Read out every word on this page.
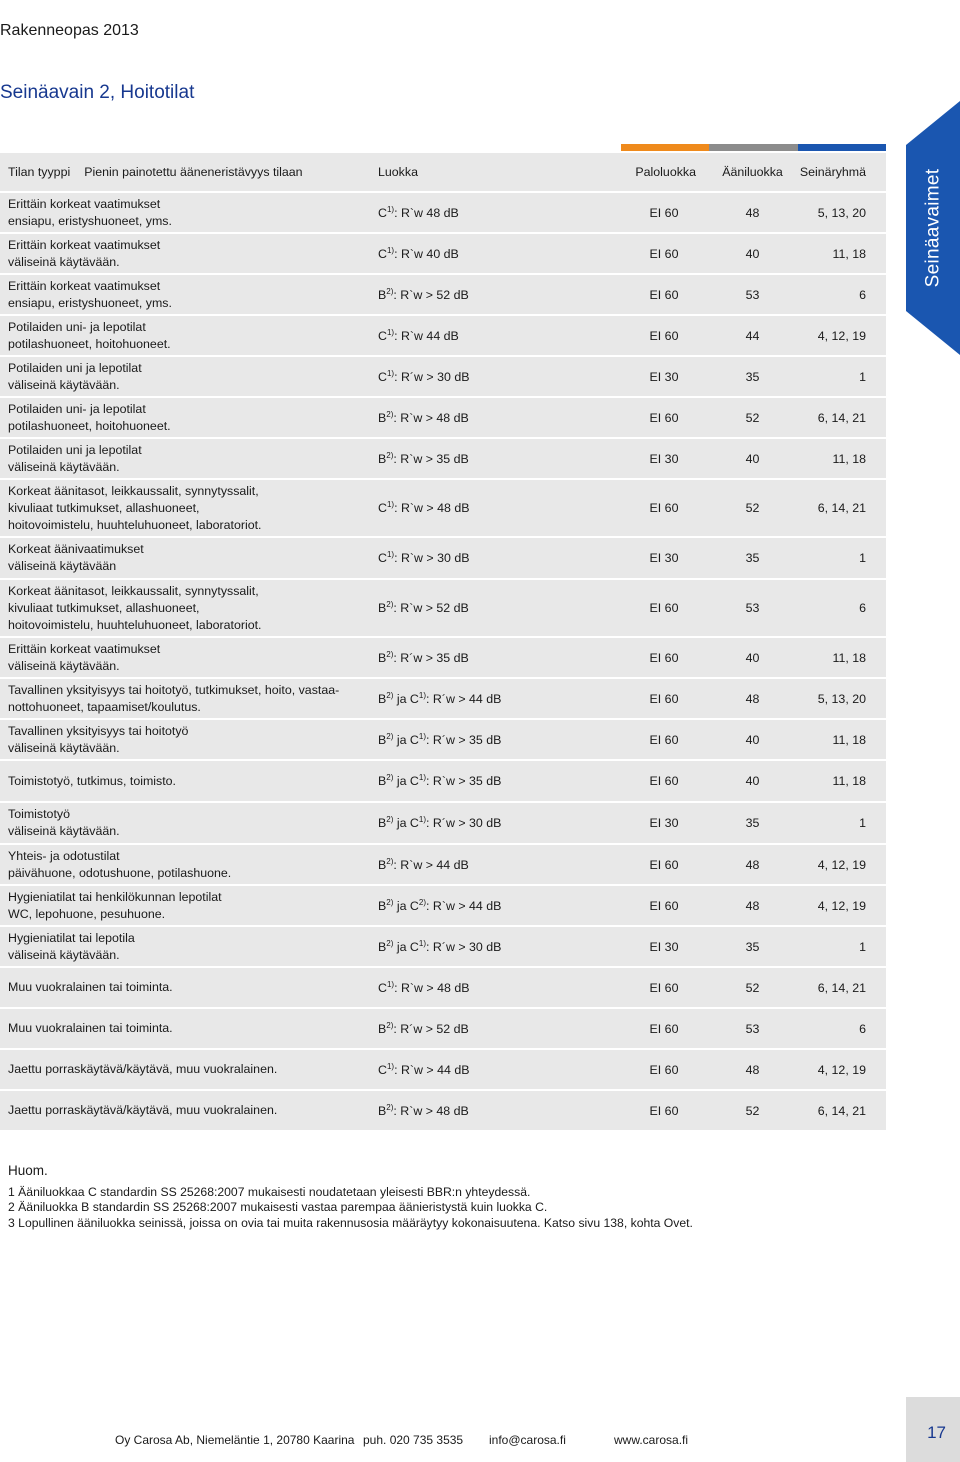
Rakenneopas 2013
Seinäavain 2, Hoitotilat
Seinäavaimet
Tilan tyyppi Pienin painotettu ääneneristävyys tilaan	Luokka	Paloluokka	Ääniluokka	Seinäryhmä

Erittäin korkeat vaatimukset
ensiapu, eristyshuoneet, yms.	$C^{1)}$: R`w 48 dB	EI 60	48	5, 13, 20

Erittäin korkeat vaatimukset
väliseinä käytävään.	$C^{1)}$: R`w 40 dB	EI 60	40	11, 18

Erittäin korkeat vaatimukset
ensiapu, eristyshuoneet, yms.	$B^{2)}$: R`w > 52 dB	EI 60	53	6

Potilaiden uni- ja lepotilat
potilashuoneet, hoitohuoneet.	$C^{1)}$: R`w 44 dB	EI 60	44	4, 12, 19

Potilaiden uni ja lepotilat
väliseinä käytävään.	$C^{1)}$: R´w > 30 dB	EI 30	35	1

Potilaiden uni- ja lepotilat
potilashuoneet, hoitohuoneet.	$B^{2)}$: R`w > 48 dB	EI 60	52	6, 14, 21

Potilaiden uni ja lepotilat
väliseinä käytävään.	$B^{2)}$: R`w > 35 dB	EI 30	40	11, 18

Korkeat äänitasot, leikkaussalit, synnytyssalit,
kivuliaat tutkimukset, allashuoneet,
hoitovoimistelu, huuhteluhuoneet, laboratoriot.	$C^{1)}$: R`w > 48 dB	EI 60	52	6, 14, 21

Korkeat äänivaatimukset
väliseinä käytävään	$C^{1)}$: R`w > 30 dB	EI 30	35	1

Korkeat äänitasot, leikkaussalit, synnytyssalit,
kivuliaat tutkimukset, allashuoneet,
hoitovoimistelu, huuhteluhuoneet, laboratoriot.	$B^{2)}$: R`w > 52 dB	EI 60	53	6

Erittäin korkeat vaatimukset
väliseinä käytävään.	$B^{2)}$: R´w > 35 dB	EI 60	40	11, 18

Tavallinen yksityisyys tai hoitotyö, tutkimukset, hoito, vastaa-
nottohuoneet, tapaamiset/koulutus.	$B^{2)}$ ja $C^{1)}$: R´w > 44 dB	EI 60	48	5, 13, 20

Tavallinen yksityisyys tai hoitotyö
väliseinä käytävään.	$B^{2)}$ ja $C^{1)}$: R´w > 35 dB	EI 60	40	11, 18

Toimistotyö, tutkimus, toimisto.	$B^{2)}$ ja $C^{1)}$: R`w > 35 dB	EI 60	40	11, 18

Toimistotyö
väliseinä käytävään.	$B^{2)}$ ja $C^{1)}$: R´w > 30 dB	EI 30	35	1

Yhteis- ja odotustilat
päivähuone, odotushuone, potilashuone.	$B^{2)}$: R`w > 44 dB	EI 60	48	4, 12, 19

Hygieniatilat tai henkilökunnan lepotilat
WC, lepohuone, pesuhuone.	$B^{2)}$ ja $C^{2)}$: R`w > 44 dB	EI 60	48	4, 12, 19

Hygieniatilat tai lepotila
väliseinä käytävään.	$B^{2)}$ ja $C^{1)}$: R´w > 30 dB	EI 30	35	1

Muu vuokralainen tai toiminta.	$C^{1)}$: R`w > 48 dB	EI 60	52	6, 14, 21

Muu vuokralainen tai toiminta.	$B^{2)}$: R´w > 52 dB	EI 60	53	6

Jaettu porraskäytävä/käytävä, muu vuokralainen.	$C^{1)}$: R`w > 44 dB	EI 60	48	4, 12, 19

Jaettu porraskäytävä/käytävä, muu vuokralainen.	$B^{2)}$: R`w > 48 dB	EI 60	52	6, 14, 21
Huom.
1 Ääniluokkaa C standardin SS 25268:2007 mukaisesti noudatetaan yleisesti BBR:n yhteydessä.
2 Ääniluokka B standardin SS 25268:2007 mukaisesti vastaa parempaa äänieristystä kuin luokka C.
3 Lopullinen ääniluokka seinissä, joissa on ovia tai muita rakennusosia määräytyy kokonaisuutena. Katso sivu 138, kohta Ovet.
17
Oy Carosa Ab, Niemeläntie 1, 20780 Kaarina puh. 020 735 3535 info@carosa.fi	www.carosa.fi
